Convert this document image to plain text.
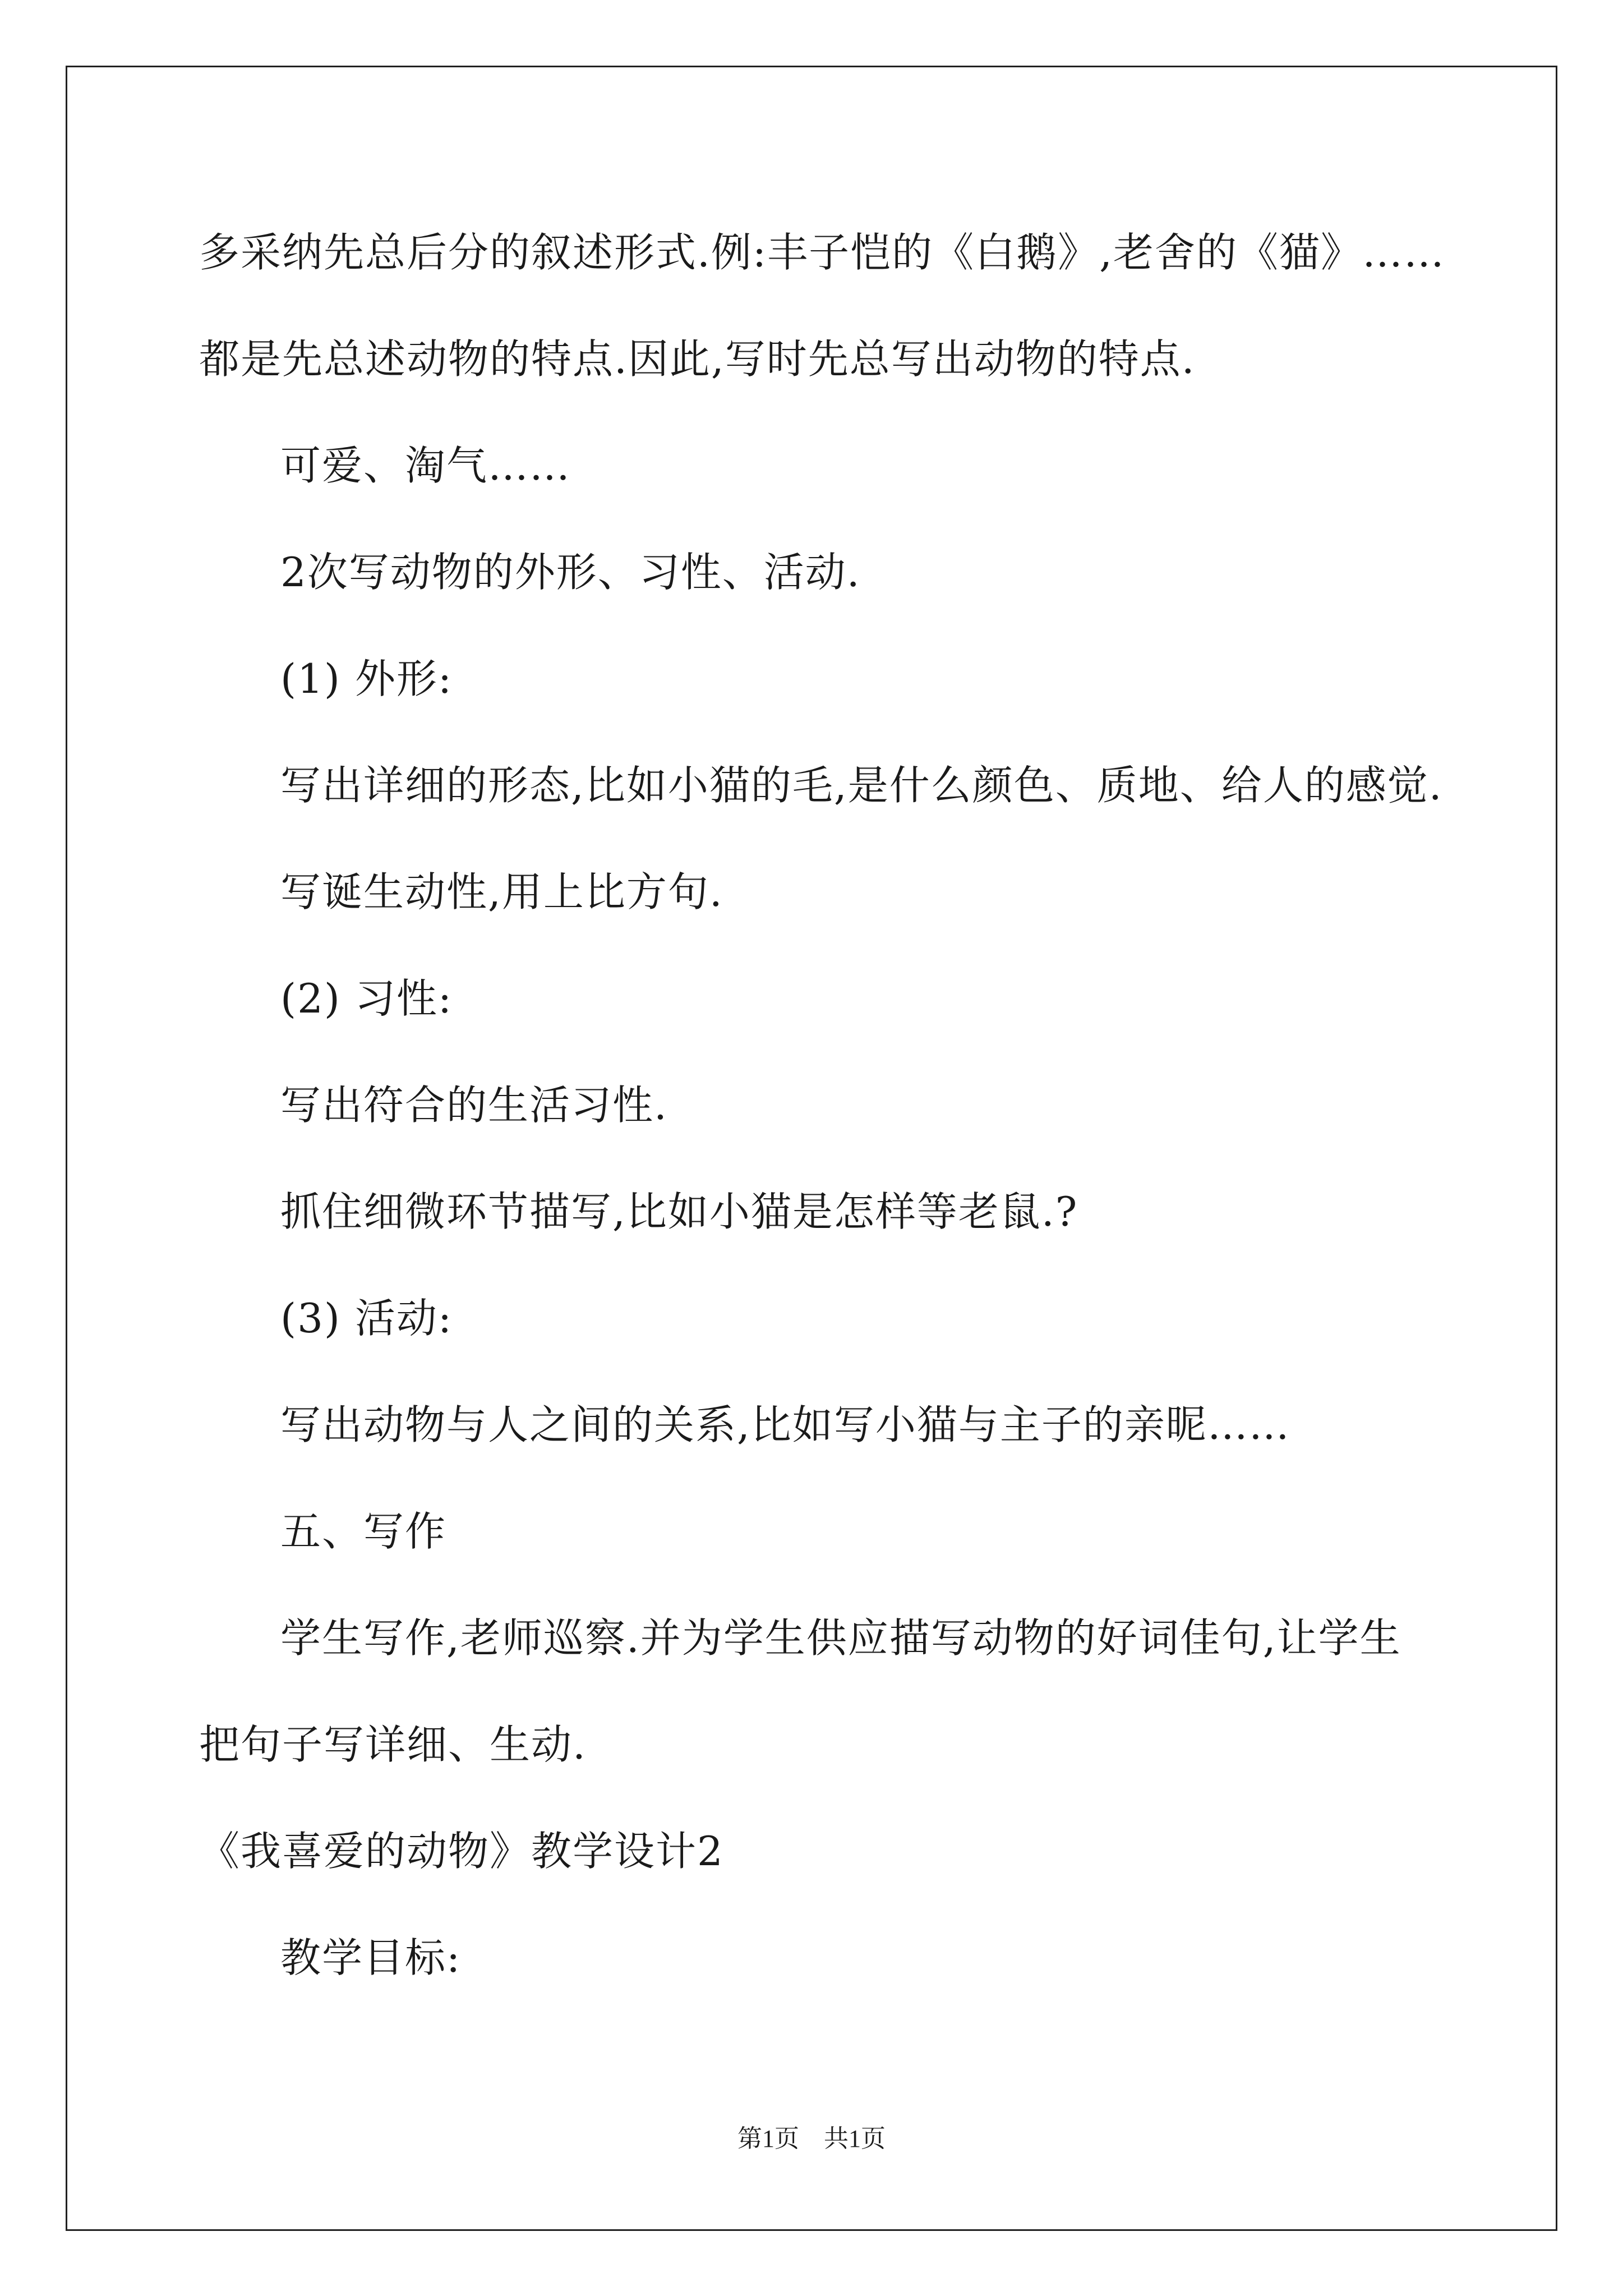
多采纳先总后分的叙述形式.例:丰子恺的《白鹅》,老舍的《猫》……
都是先总述动物的特点.因此,写时先总写出动物的特点.
可爱、淘气……
2次写动物的外形、习性、活动.
(1) 外形:
写出详细的形态,比如小猫的毛,是什么颜色、质地、给人的感觉.
写诞生动性,用上比方句.
(2) 习性:
写出符合的生活习性.
抓住细微环节描写,比如小猫是怎样等老鼠.?
(3) 活动:
写出动物与人之间的关系,比如写小猫与主子的亲昵……
五、写作
学生写作,老师巡察.并为学生供应描写动物的好词佳句,让学生
把句子写详细、生动.
《我喜爱的动物》教学设计2
教学目标:
第1页 共1页
